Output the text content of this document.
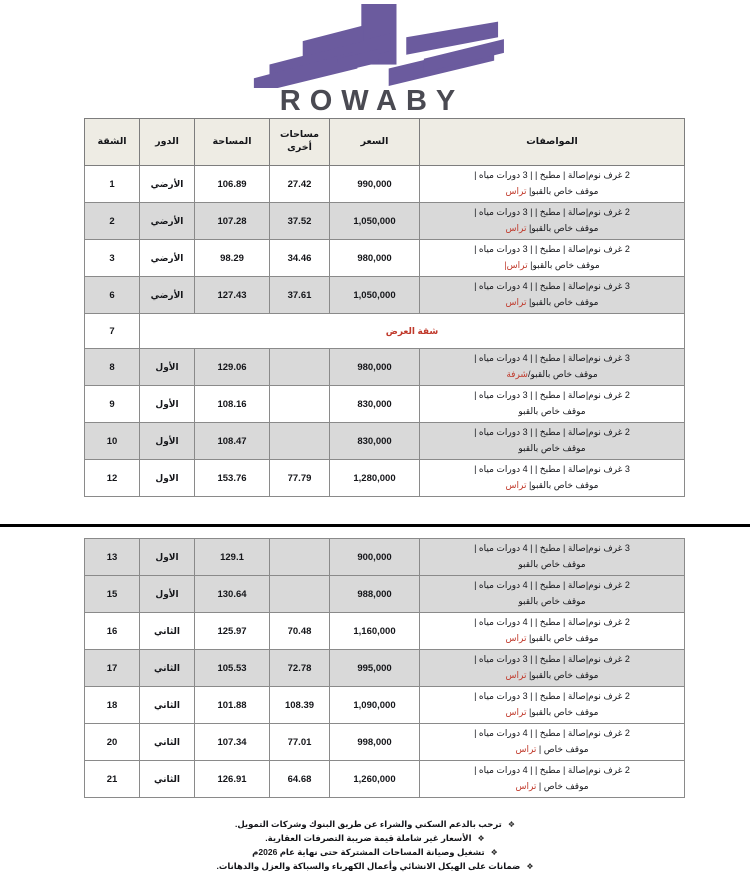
ROWABY
المواصفات	السعر	مساحات
أخرى	المساحة	الدور	الشقة

2 غرف نوم|صالة | مطبخ | | 3 دورات مياه |
موقف خاص بالقبو| تراس	990,000	27.42	106.89	الأرضي	1

2 غرف نوم|صالة | مطبخ | | 3 دورات مياه |
موقف خاص بالقبو| تراس	1,050,000	37.52	107.28	الأرضي	2

2 غرف نوم|صالة | مطبخ | | 3 دورات مياه |
موقف خاص بالقبو| تراس|	980,000	34.46	98.29	الأرضي	3

3 غرف نوم|صالة | مطبخ | | 4 دورات مياه |
موقف خاص بالقبو| تراس	1,050,000	37.61	127.43	الأرضي	6
شقة العرض					7

3 غرف نوم|صالة | مطبخ | | 4 دورات مياه |
موقف خاص بالقبو/شرفة	980,000		129.06	الأول	8

2 غرف نوم|صالة | مطبخ | | 3 دورات مياه |
موقف خاص بالقبو	830,000		108.16	الأول	9

2 غرف نوم|صالة | مطبخ | | 3 دورات مياه |
موقف خاص بالقبو	830,000		108.47	الأول	10

3 غرف نوم|صالة | مطبخ | | 4 دورات مياه |
موقف خاص بالقبو| تراس	1,280,000	77.79	153.76	الاول	12
3 غرف نوم|صالة | مطبخ | | 4 دورات مياه |
موقف خاص بالقبو	900,000		129.1	الاول	13

2 غرف نوم|صالة | مطبخ | | 4 دورات مياه |
موقف خاص بالقبو	988,000		130.64	الأول	15

2 غرف نوم|صالة | مطبخ | | 4 دورات مياه |
موقف خاص بالقبو| تراس	1,160,000	70.48	125.97	الثاني	16

2 غرف نوم|صالة | مطبخ | | 3 دورات مياه |
موقف خاص بالقبو| تراس	995,000	72.78	105.53	الثاني	17

2 غرف نوم|صالة | مطبخ | | 3 دورات مياه |
موقف خاص بالقبو| تراس	1,090,000	108.39	101.88	الثاني	18

2 غرف نوم|صالة | مطبخ | | 4 دورات مياه |
موقف خاص | تراس	998,000	77.01	107.34	الثاني	20

2 غرف نوم|صالة | مطبخ | | 4 دورات مياه |
موقف خاص | تراس	1,260,000	64.68	126.91	الثاني	21
❖ترحب بالدعم السكني والشراء عن طريق البنوك وشركات التمويل.
❖الأسعار غير شاملة قيمة ضريبة التصرفات العقارية.
❖تشغيل وصيانة المساحات المشتركة حتى نهاية عام 2026م
❖ضمانات على الهيكل الانشائي وأعمال الكهرباء والسباكة والعزل والدهانات.
